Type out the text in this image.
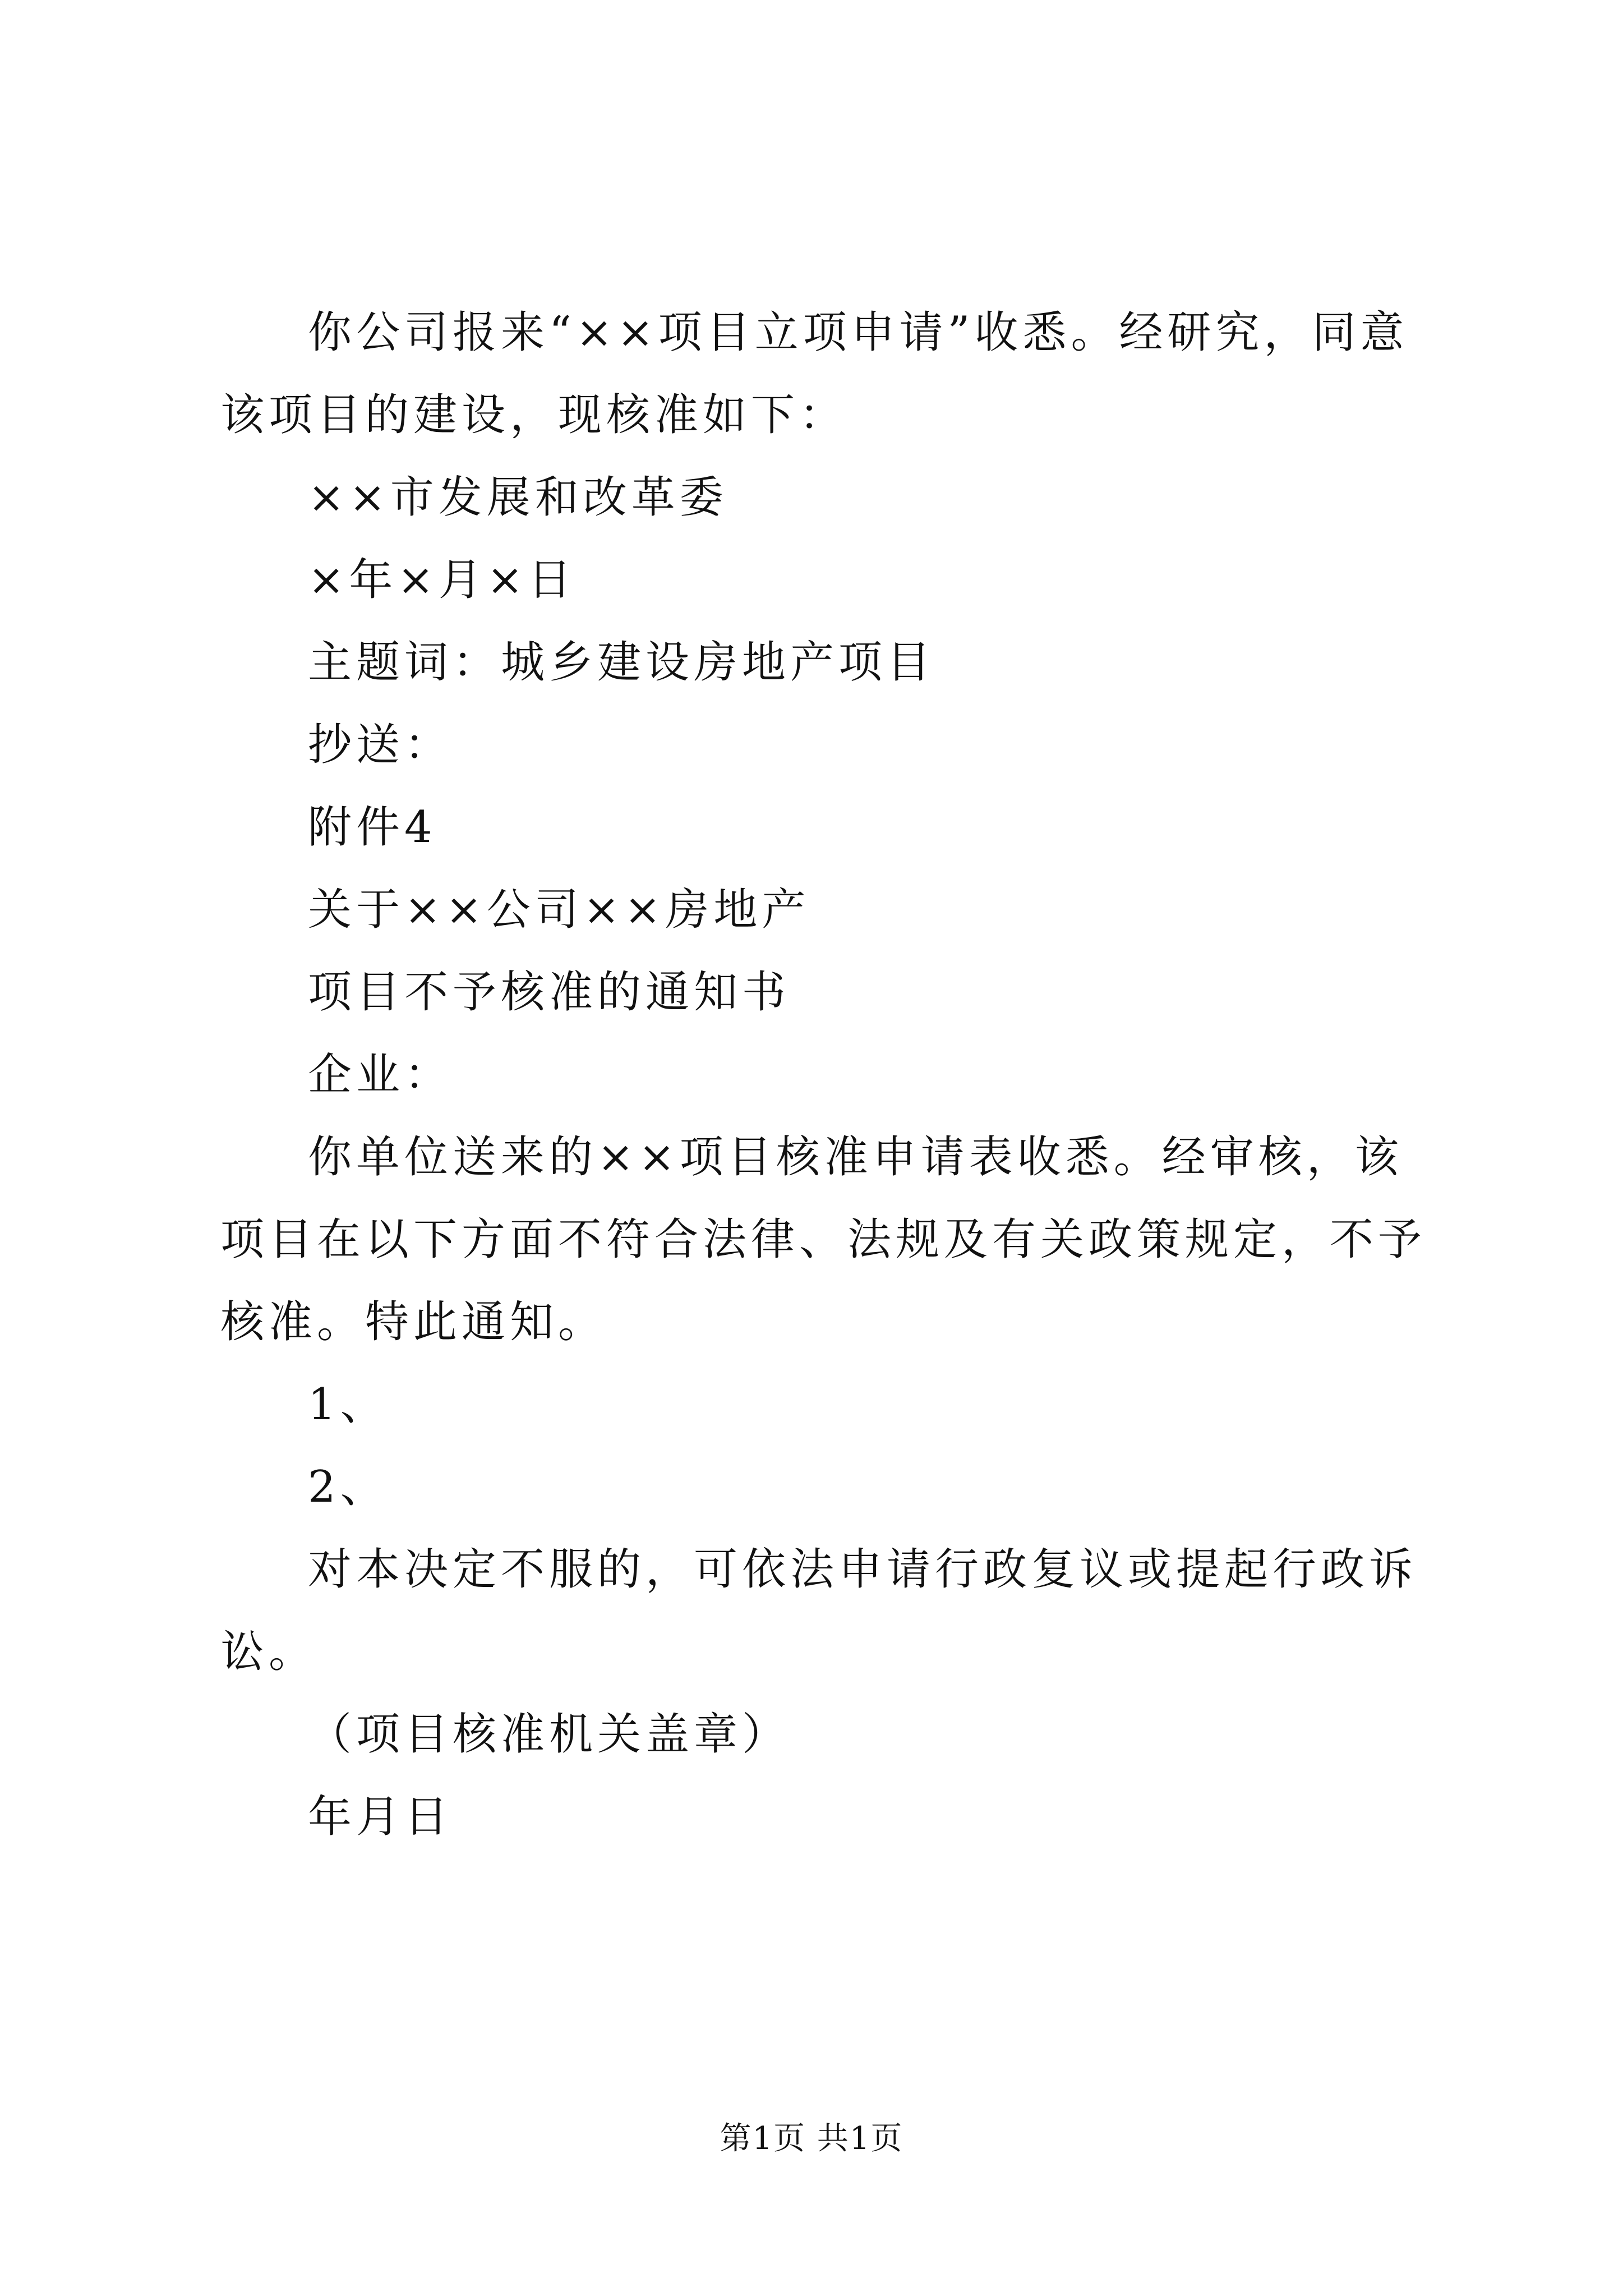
你公司报来“××项目立项申请”收悉。经研究，同意该项目的建设，现核准如下：

××市发展和改革委

×年×月×日

主题词：城乡建设房地产项目

抄送：

附件4

关于××公司××房地产

项目不予核准的通知书

企业：

你单位送来的××项目核准申请表收悉。经审核，该项目在以下方面不符合法律、法规及有关政策规定，不予核准。特此通知。

1、

2、

对本决定不服的，可依法申请行政复议或提起行政诉讼。

（项目核准机关盖章）

年月日

第1页 共1页
